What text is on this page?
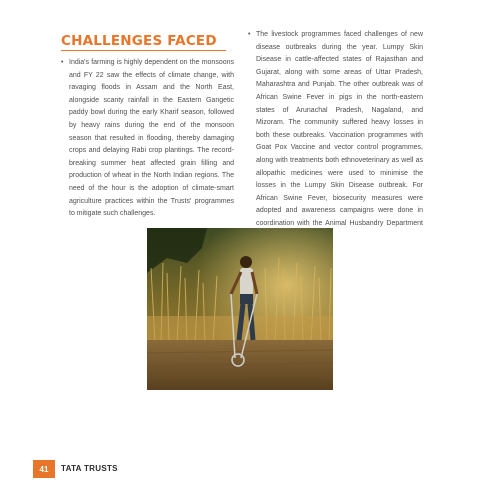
CHALLENGES FACED
• India's farming is highly dependent on the monsoons and FY 22 saw the effects of climate change, with ravaging floods in Assam and the North East, alongside scanty rainfall in the Eastern Gangetic paddy bowl during the early Kharif season, followed by heavy rains during the end of the monsoon season that resulted in flooding, thereby damaging crops and delaying Rabi crop plantings. The record-breaking summer heat affected grain filling and production of wheat in the North Indian regions. The need of the hour is the adoption of climate-smart agriculture practices within the Trusts' programmes to mitigate such challenges.
• The livestock programmes faced challenges of new disease outbreaks during the year. Lumpy Skin Disease in cattle-affected states of Rajasthan and Gujarat, along with some areas of Uttar Pradesh, Maharashtra and Punjab. The other outbreak was of African Swine Fever in pigs in the north-eastern states of Arunachal Pradesh, Nagaland, and Mizoram. The community suffered heavy losses in both these outbreaks. Vaccination programmes with Goat Pox Vaccine and vector control programmes, along with treatments both ethnoveterinary as well as allopathic medicines were used to minimise the losses in the Lumpy Skin Disease outbreak. For African Swine Fever, biosecurity measures were adopted and awareness campaigns were done in coordination with the Animal Husbandry Department
41	TATA TRUSTS
